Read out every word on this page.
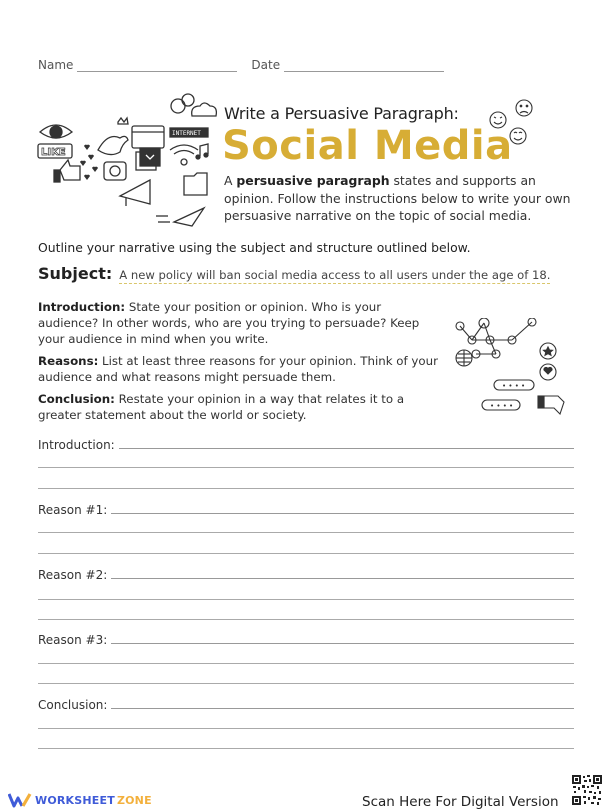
Name	Date
LIKE
INTERNET
Write a Persuasive Paragraph:
Social Media
A persuasive paragraph states and supports an opinion. Follow the instructions below to write your own persuasive narrative on the topic of social media.
Outline your narrative using the subject and structure outlined below.
Subject: A new policy will ban social media access to all users under the age of 18.
Introduction: State your position or opinion. Who is your audience? In other words, who are you trying to persuade? Keep your audience in mind when you write.
Reasons: List at least three reasons for your opinion. Think of your audience and what reasons might persuade them.
Conclusion: Restate your opinion in a way that relates it to a greater statement about the world or society.
• • • •
• • • •
Introduction:
Reason #1:
Reason #2:
Reason #3:
Conclusion:
WORKSHEET ZONE	Scan Here For Digital Version
